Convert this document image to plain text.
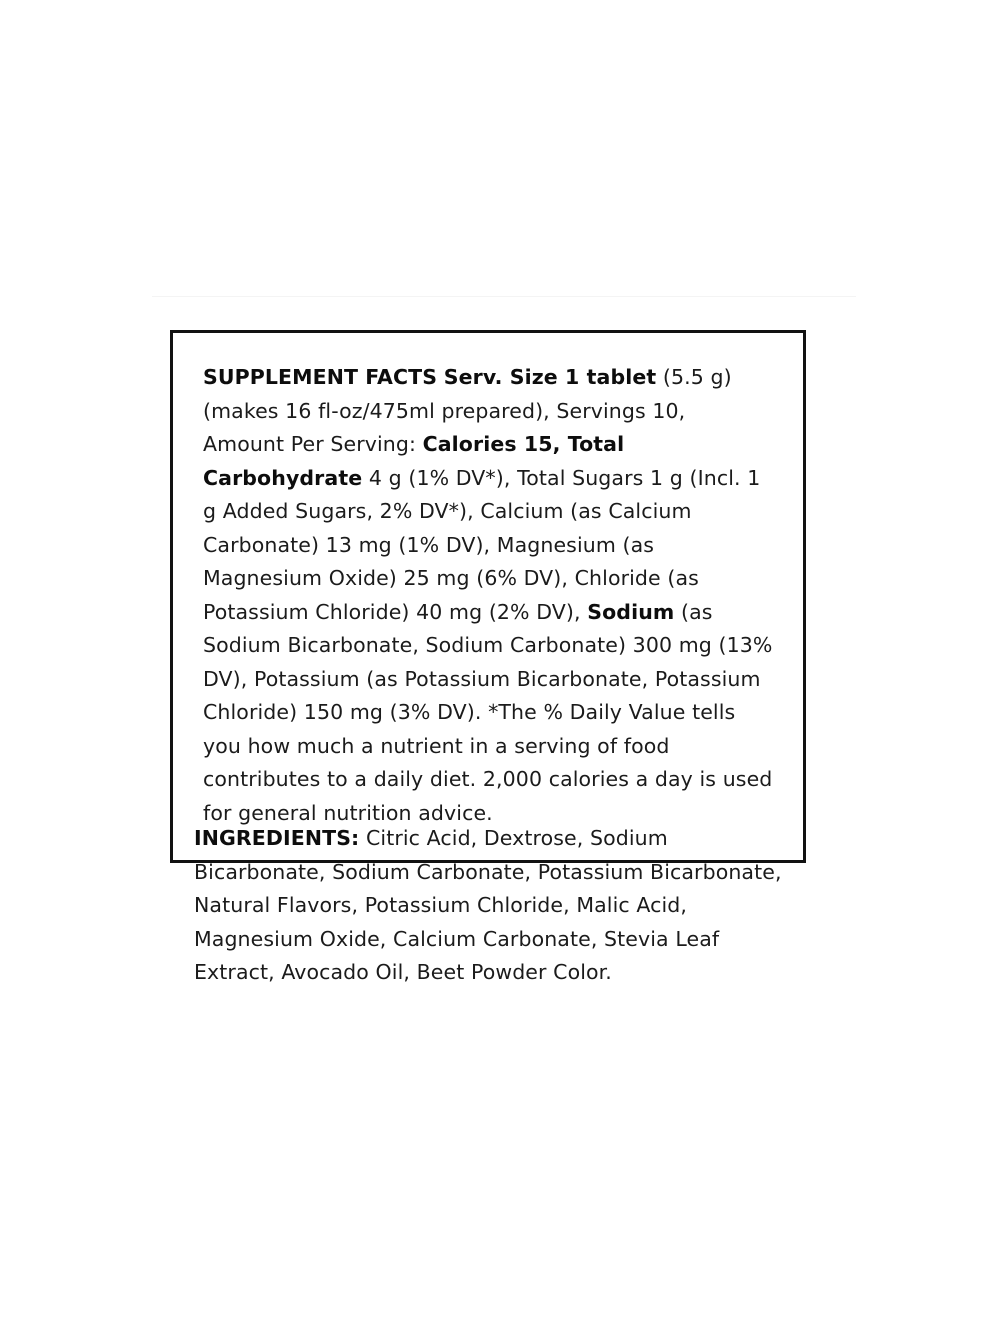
SUPPLEMENT FACTS Serv. Size 1 tablet (5.5 g) (makes 16 fl-oz/475ml prepared), Servings 10, Amount Per Serving: Calories 15, Total Carbohydrate 4 g (1% DV*), Total Sugars 1 g (Incl. 1 g Added Sugars, 2% DV*), Calcium (as Calcium Carbonate) 13 mg (1% DV), Magnesium (as Magnesium Oxide) 25 mg (6% DV), Chloride (as Potassium Chloride) 40 mg (2% DV), Sodium (as Sodium Bicarbonate, Sodium Carbonate) 300 mg (13% DV), Potassium (as Potassium Bicarbonate, Potassium Chloride) 150 mg (3% DV). *The % Daily Value tells you how much a nutrient in a serving of food contributes to a daily diet. 2,000 calories a day is used for general nutrition advice.

INGREDIENTS: Citric Acid, Dextrose, Sodium Bicarbonate, Sodium Carbonate, Potassium Bicarbonate, Natural Flavors, Potassium Chloride, Malic Acid, Magnesium Oxide, Calcium Carbonate, Stevia Leaf Extract, Avocado Oil, Beet Powder Color.
